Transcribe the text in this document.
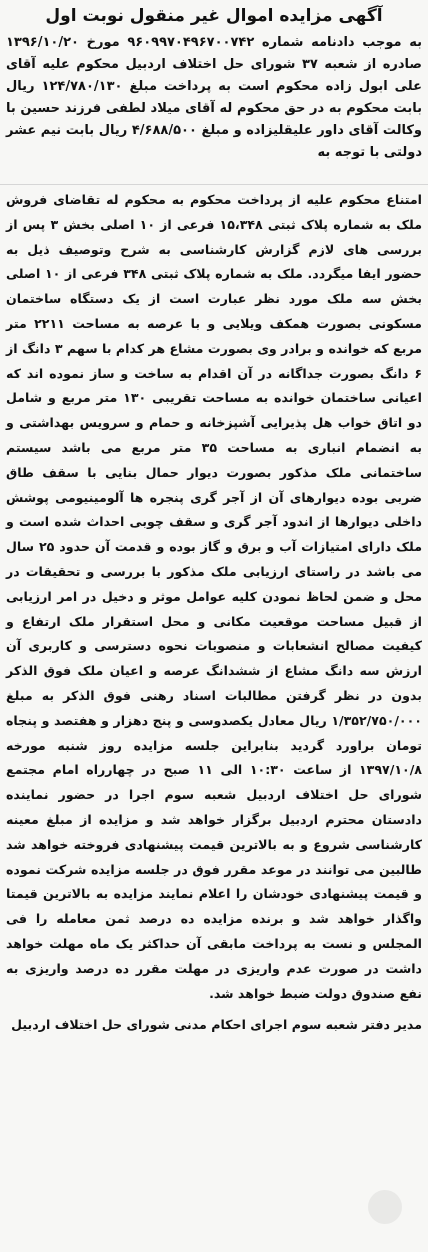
آگهی مزایده اموال غیر منقول نوبت اول

به موجب دادنامه شماره ۹۶۰۹۹۷۰۴۹۶۷۰۰۷۴۲ مورخ ۱۳۹۶/۱۰/۲۰ صادره از شعبه ۳۷ شورای حل اختلاف اردبیل محکوم علیه آقای علی ابول زاده محکوم است به پرداخت مبلغ ۱۲۴/۷۸۰/۱۳۰ ریال بابت محکوم به در حق محکوم له آقای میلاد لطفی فرزند حسین با وکالت آقای داور علیقلیزاده و مبلغ ۴/۶۸۸/۵۰۰ ریال بابت نیم عشر دولتی با توجه به

امتناع محکوم علیه از پرداخت محکوم به محکوم له تقاضای فروش ملک به شماره پلاک ثبتی ۱۵،۳۴۸ فرعی از ۱۰ اصلی بخش ۳ پس از بررسی های لازم گزارش کارشناسی به شرح وتوصیف ذیل به حضور ایفا میگردد. ملک به شماره پلاک ثبتی ۳۴۸ فرعی از ۱۰ اصلی بخش سه ملک مورد نظر عبارت است از یک دستگاه ساختمان مسکونی بصورت همکف ویلایی و با عرصه به مساحت ۲۲۱۱ متر مربع که خوانده و برادر وی بصورت مشاع هر کدام با سهم ۳ دانگ از ۶ دانگ بصورت جداگانه در آن اقدام به ساخت و ساز نموده اند که اعیانی ساختمان خوانده به مساحت تقریبی ۱۳۰ متر مربع و شامل دو اتاق خواب هل پذیرایی آشپزخانه و حمام و سرویس بهداشتی و به انضمام انباری به مساحت ۳۵ متر مربع می باشد سیستم ساختمانی ملک مذکور بصورت دیوار حمال بنایی با سقف طاق ضربی بوده دیوارهای آن از آجر گری پنجره ها آلومینیومی پوشش داخلی دیوارها از اندود آجر گری و سقف چوبی احداث شده است و ملک دارای امتیازات آب و برق و گاز بوده و قدمت آن حدود ۲۵ سال می باشد در راستای ارزیابی ملک مذکور با بررسی و تحقیقات در محل و ضمن لحاظ نمودن کلیه عوامل موثر و دخیل در امر ارزیابی از قبیل مساحت موقعیت مکانی و محل استقرار ملک ارتفاع و کیفیت مصالح انشعابات و منصوبات نحوه دسترسی و کاربری آن ارزش سه دانگ مشاع از ششدانگ عرصه و اعیان ملک فوق الذکر بدون در نظر گرفتن مطالبات اسناد رهنی فوق الذکر به مبلغ ۱/۳۵۲/۷۵۰/۰۰۰ ریال معادل یکصدوسی و پنج دهزار و هفتصد و پنجاه تومان براورد گردید بنابراین جلسه مزایده روز شنبه مورخه ۱۳۹۷/۱۰/۸ از ساعت ۱۰:۳۰ الی ۱۱ صبح در چهارراه امام مجتمع شورای حل اختلاف اردبیل شعبه سوم اجرا در حضور نماینده دادستان محترم اردبیل برگزار خواهد شد و مزایده از مبلغ معینه کارشناسی شروع و به بالاترین قیمت پیشنهادی فروخته خواهد شد طالبین می توانند در موعد مقرر فوق در جلسه مزایده شرکت نموده و قیمت پیشنهادی خودشان را اعلام نمایند مزایده به بالاترین قیمتا واگذار خواهد شد و برنده مزایده ده درصد ثمن معامله را فی المجلس و نست به پرداخت مابقی آن حداکثر یک ماه مهلت خواهد داشت در صورت عدم واریزی در مهلت مقرر ده درصد واریزی به نفع صندوق دولت ضبط خواهد شد.

مدیر دفتر شعبه سوم اجرای احکام مدنی شورای حل اختلاف اردبیل
